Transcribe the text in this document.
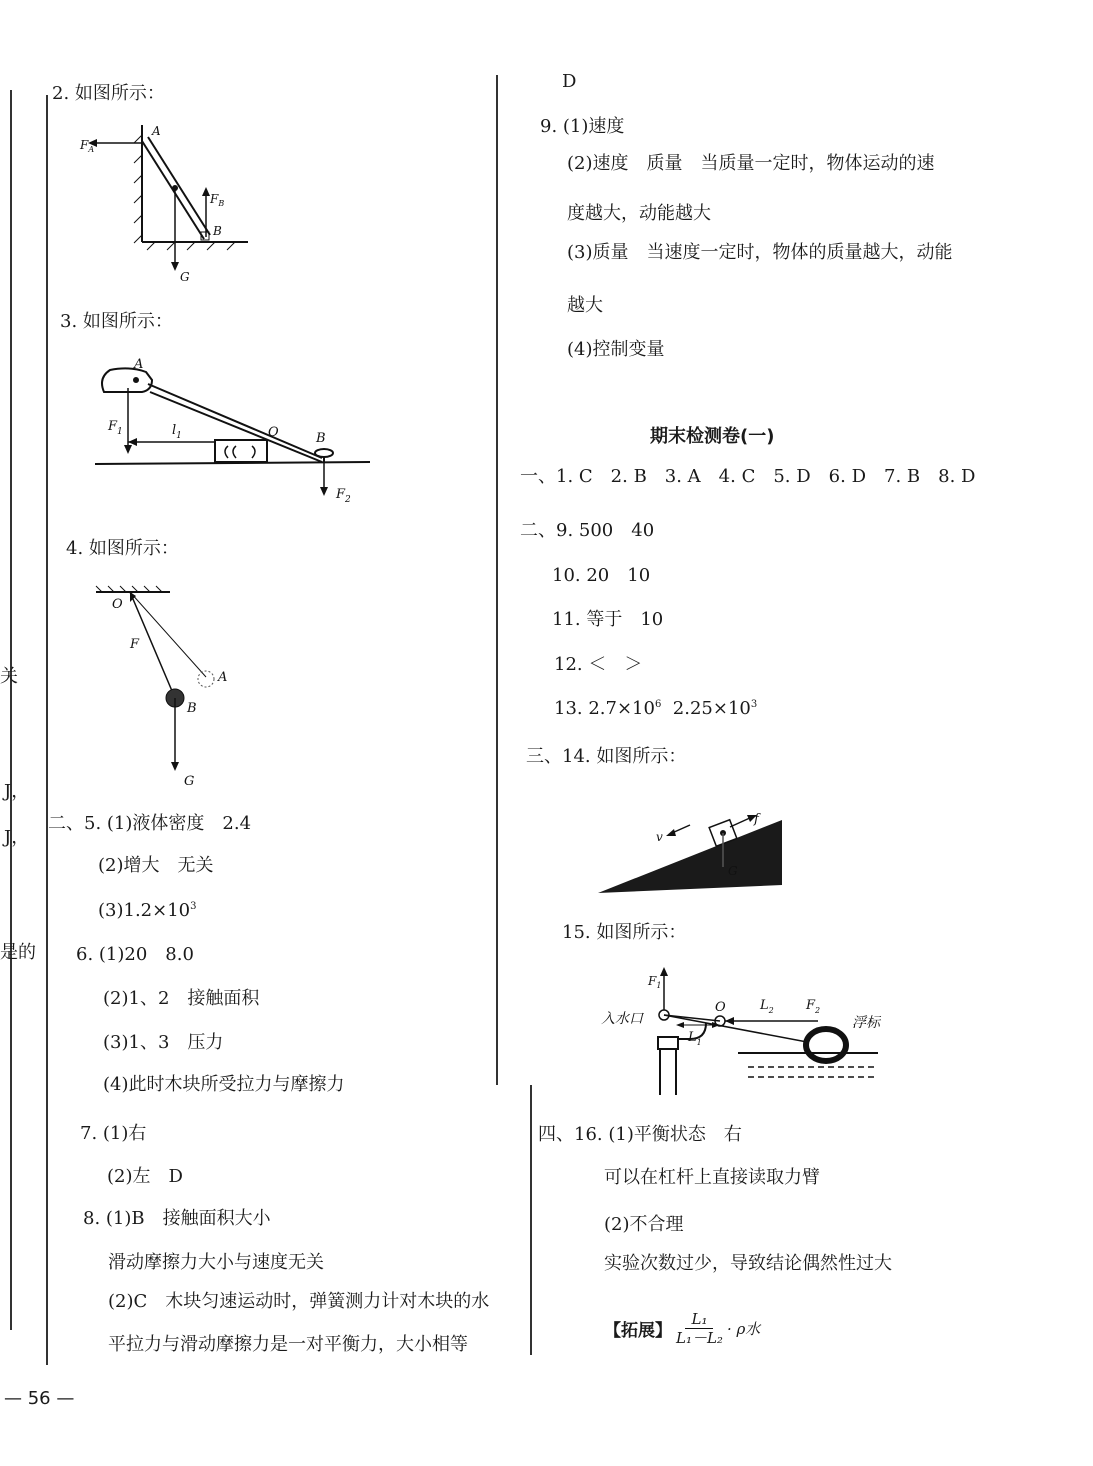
关
J，
J，
是的
2. 如图所示：
$F_A$
A
$F_B$
B
G
3. 如图所示：
A
$F_1$	$l_1$	O	B
$F_2$
4. 如图所示：
O
F
A
B
G
二、5. (1)液体密度　2.4
(2)增大　无关
$(3)1.2\times 10^3$
6. (1)20　8.0
(2)1、2　接触面积
(3)1、3　压力
(4)此时木块所受拉力与摩擦力
7. (1)右
(2)左　D
8. (1)B　接触面积大小
滑动摩擦力大小与速度无关
(2)C　木块匀速运动时，弹簧测力计对木块的水
平拉力与滑动摩擦力是一对平衡力，大小相等
— 56 —
D
9. (1)速度
(2)速度　质量　当质量一定时，物体运动的速
度越大，动能越大
(3)质量　当速度一定时，物体的质量越大，动能
越大
(4)控制变量
期末检测卷(一)
一、1. C　2. B　3. A　4. C　5. D　6. D　7. B　8. D
二、9. 500　40
10. 20　10
11. 等于　10
12. ＜　＞
13. $2.7\times 10^6$ $2.25\times 10^3$
三、14. 如图所示：
v
f
G
15. 如图所示：
$F_1$
入水口
O	$L_2$ $F_2$
浮标
$L_1$
四、16. (1)平衡状态　右
可以在杠杆上直接读取力臂
(2)不合理
实验次数过少，导致结论偶然性过大
【拓展】 $\frac{\text{L₁}}{\text{L₁－L₂}} \cdot \rho$水
